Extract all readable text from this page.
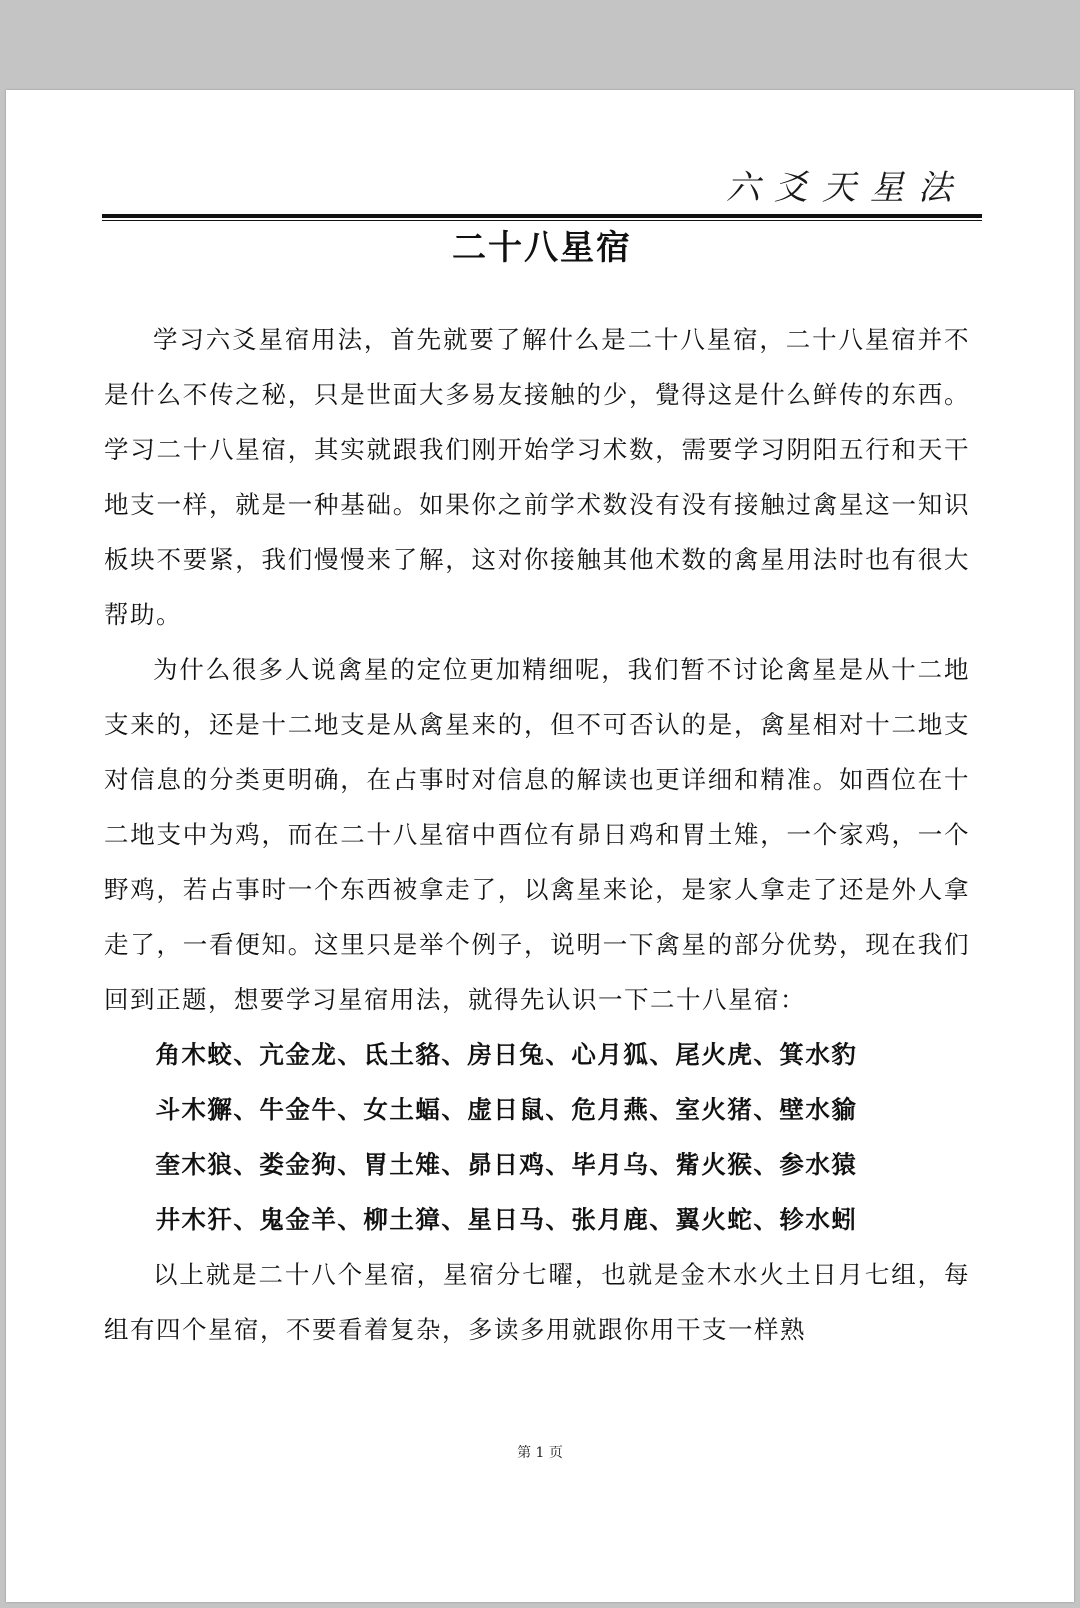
六爻天星法
二十八星宿

学习六爻星宿用法，首先就要了解什么是二十八星宿，二十八星宿并不是什么不传之秘，只是世面大多易友接触的少，覺得这是什么鲜传的东西。学习二十八星宿，其实就跟我们刚开始学习术数，需要学习阴阳五行和天干地支一样，就是一种基础。如果你之前学术数没有没有接触过禽星这一知识板块不要紧，我们慢慢来了解，这对你接触其他术数的禽星用法时也有很大帮助。

为什么很多人说禽星的定位更加精细呢，我们暂不讨论禽星是从十二地支来的，还是十二地支是从禽星来的，但不可否认的是，禽星相对十二地支对信息的分类更明确，在占事时对信息的解读也更详细和精准。如酉位在十二地支中为鸡，而在二十八星宿中酉位有昴日鸡和胃土雉，一个家鸡，一个野鸡，若占事时一个东西被拿走了，以禽星来论，是家人拿走了还是外人拿走了，一看便知。这里只是举个例子，说明一下禽星的部分优势，现在我们回到正题，想要学习星宿用法，就得先认识一下二十八星宿：

角木蛟、亢金龙、氐土貉、房日兔、心月狐、尾火虎、箕水豹
斗木獬、牛金牛、女土蝠、虚日鼠、危月燕、室火猪、壁水貐
奎木狼、娄金狗、胃土雉、昴日鸡、毕月乌、觜火猴、参水猿
井木犴、鬼金羊、柳土獐、星日马、张月鹿、翼火蛇、轸水蚓

以上就是二十八个星宿，星宿分七曜，也就是金木水火土日月七组，每组有四个星宿，不要看着复杂，多读多用就跟你用干支一样熟

第 1 页
